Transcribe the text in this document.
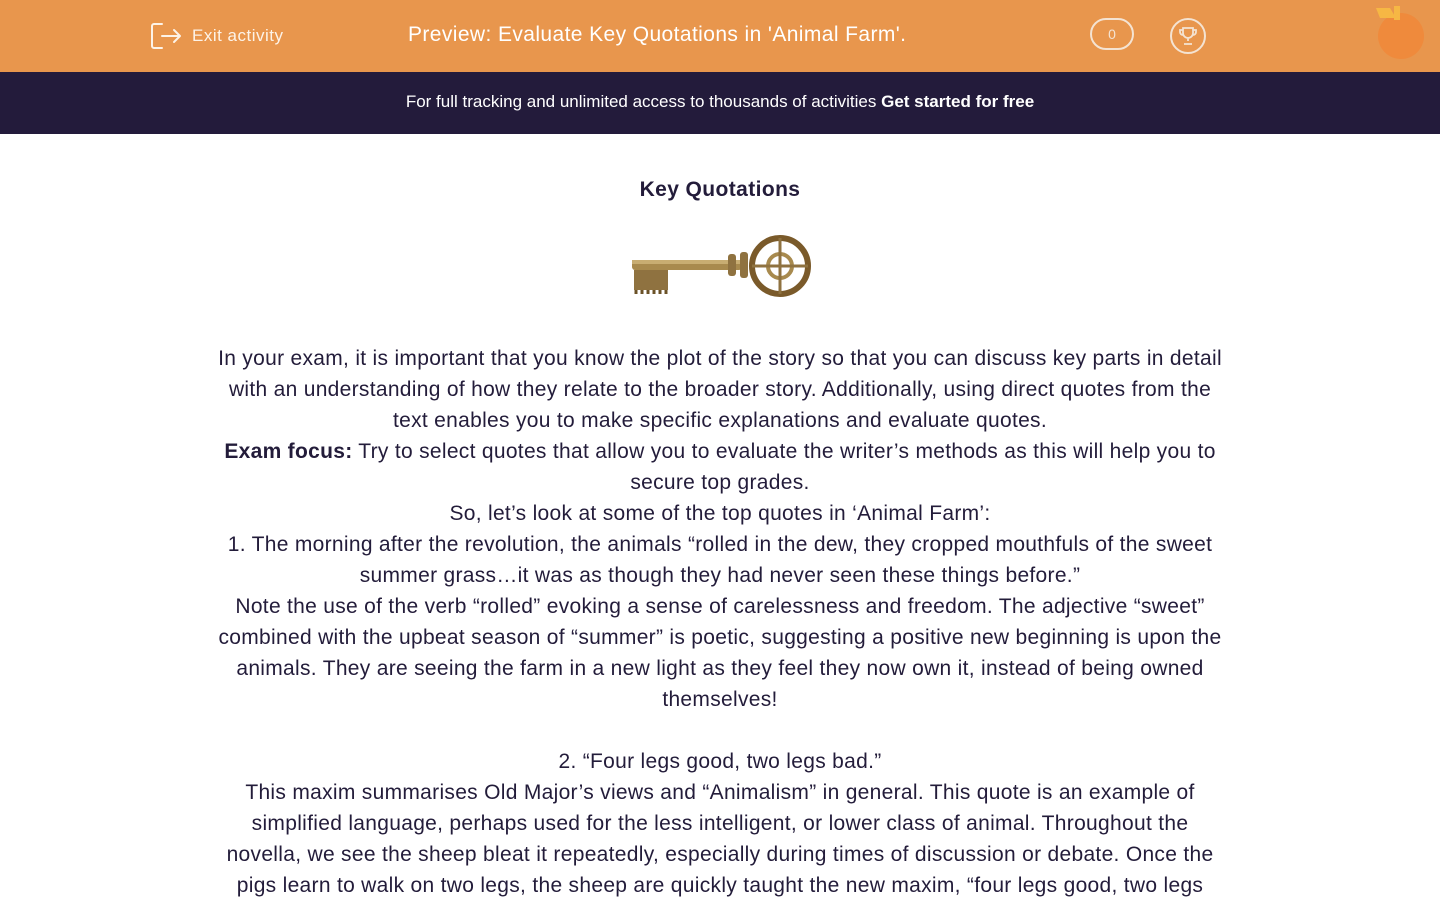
Exit activity	Preview: Evaluate Key Quotations in 'Animal Farm'.	0
For full tracking and unlimited access to thousands of activities Get started for free
Key Quotations
In your exam, it is important that you know the plot of the story so that you can discuss key parts in detail
with an understanding of how they relate to the broader story. Additionally, using direct quotes from the
text enables you to make specific explanations and evaluate quotes.
Exam focus: Try to select quotes that allow you to evaluate the writer’s methods as this will help you to
secure top grades.
So, let’s look at some of the top quotes in ‘Animal Farm’:
1. The morning after the revolution, the animals “rolled in the dew, they cropped mouthfuls of the sweet
summer grass…it was as though they had never seen these things before.”
Note the use of the verb “rolled” evoking a sense of carelessness and freedom. The adjective “sweet”
combined with the upbeat season of “summer” is poetic, suggesting a positive new beginning is upon the
animals. They are seeing the farm in a new light as they feel they now own it, instead of being owned
themselves!
2. “Four legs good, two legs bad.”
This maxim summarises Old Major’s views and “Animalism” in general. This quote is an example of
simplified language, perhaps used for the less intelligent, or lower class of animal. Throughout the
novella, we see the sheep bleat it repeatedly, especially during times of discussion or debate. Once the
pigs learn to walk on two legs, the sheep are quickly taught the new maxim, “four legs good, two legs
